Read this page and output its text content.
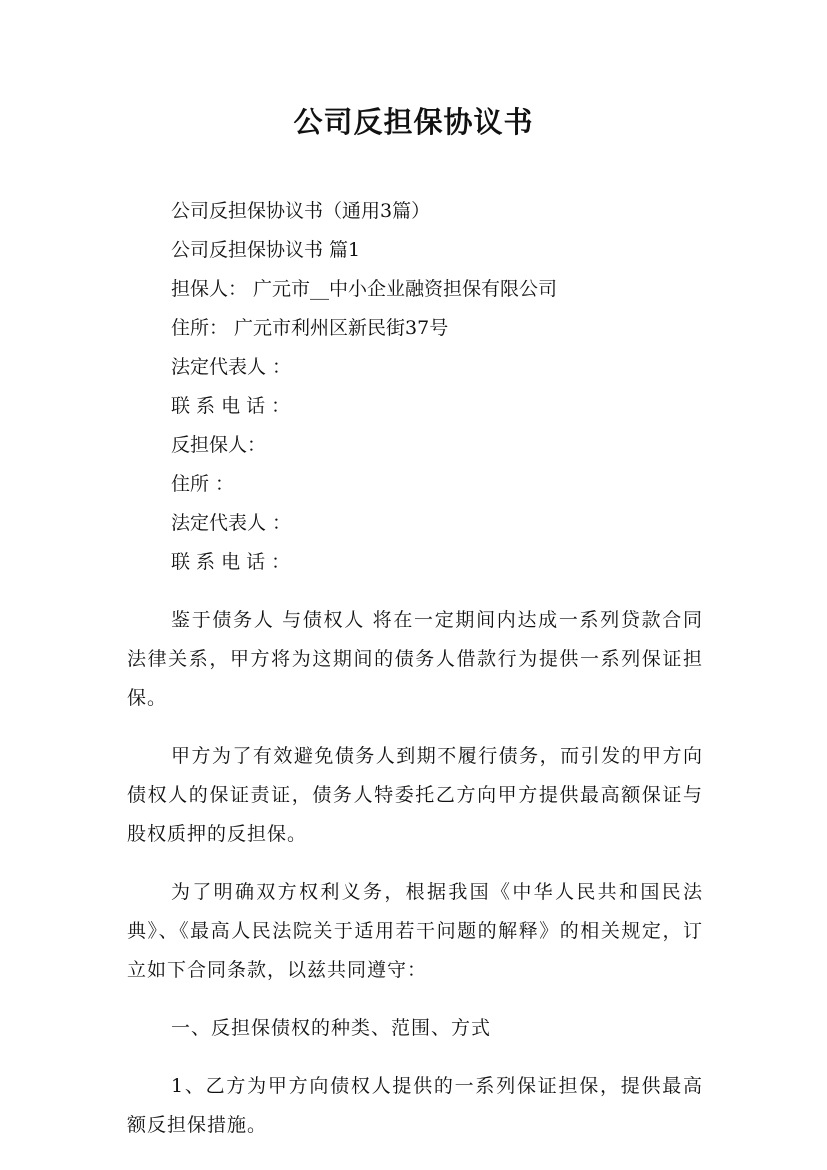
公司反担保协议书
公司反担保协议书（通用3篇）
公司反担保协议书 篇1
担保人： 广元市__中小企业融资担保有限公司
住所： 广元市利州区新民街37号
法定代表人 ：
联 系 电 话 ：
反担保人：
住所 ：
法定代表人 ：
联 系 电 话 ：

鉴于债务人 与债权人 将在一定期间内达成一系列贷款合同法律关系，甲方将为这期间的债务人借款行为提供一系列保证担保。

甲方为了有效避免债务人到期不履行债务，而引发的甲方向债权人的保证责证，债务人特委托乙方向甲方提供最高额保证与股权质押的反担保。

为了明确双方权利义务，根据我国《中华人民共和国民法典》、《最高人民法院关于适用若干问题的解释》的相关规定，订立如下合同条款，以兹共同遵守：

一、反担保债权的种类、范围、方式

1、乙方为甲方向债权人提供的一系列保证担保，提供最高额反担保措施。
